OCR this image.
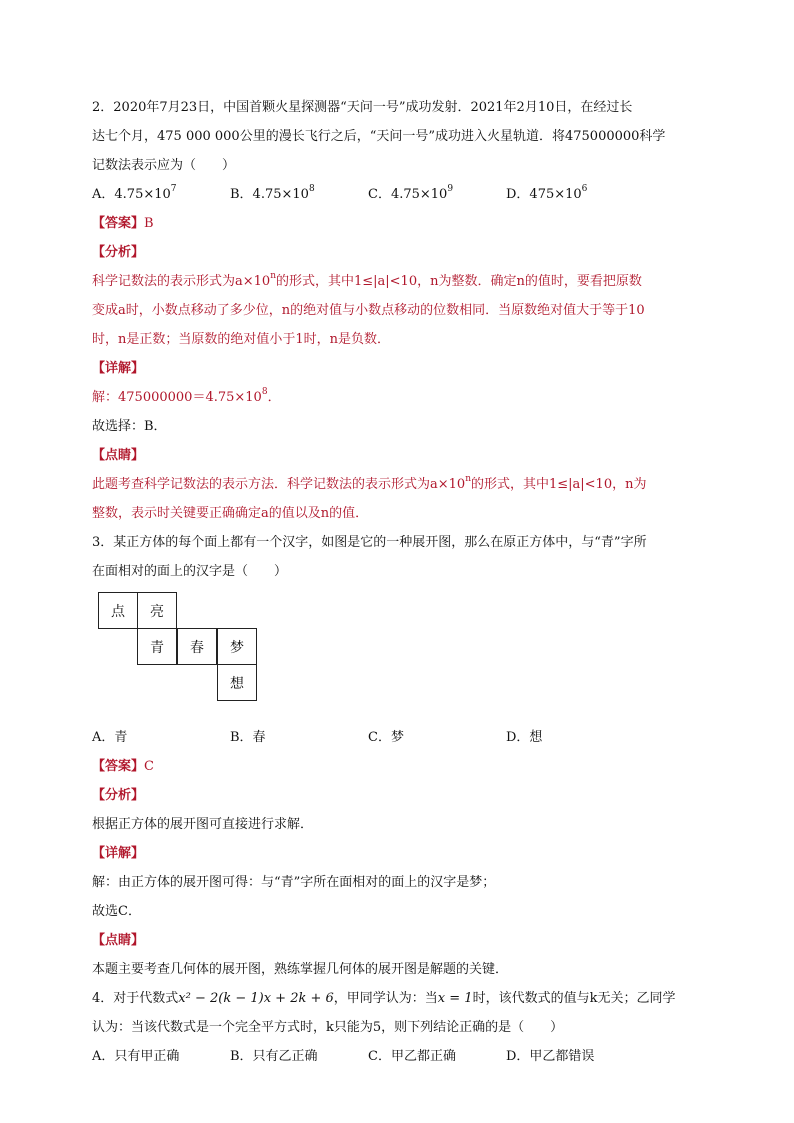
2．2020年7月23日，中国首颗火星探测器“天问一号”成功发射．2021年2月10日，在经过长

达七个月，475 000 000公里的漫长飞行之后，“天问一号”成功进入火星轨道．将475000000科学

记数法表示应为（　　）

A．$4.75\times 10^7$	B．$4.75\times 10^8$	C．$4.75\times 10^9$	D．$475\times 10^6$

【答案】B

【分析】

科学记数法的表示形式为$a\times 10^n$的形式，其中1≤|a|<10，n为整数．确定n的值时，要看把原数

变成a时，小数点移动了多少位，n的绝对值与小数点移动的位数相同．当原数绝对值大于等于10

时，n是正数；当原数的绝对值小于1时，n是负数．

【详解】

解：$475000000=4.75\times 10^8$．

故选择：B．

【点睛】

此题考查科学记数法的表示方法．科学记数法的表示形式为$a\times 10^n$的形式，其中1≤|a|<10，n为

整数，表示时关键要正确确定a的值以及n的值．

3．某正方体的每个面上都有一个汉字，如图是它的一种展开图，那么在原正方体中，与“青”字所

在面相对的面上的汉字是（　　）

点	亮
青	春	梦
想
A．青	B．春	C．梦	D．想

【答案】C

【分析】

根据正方体的展开图可直接进行求解．

【详解】

解：由正方体的展开图可得：与“青”字所在面相对的面上的汉字是梦；

故选C．

【点睛】

本题主要考查几何体的展开图，熟练掌握几何体的展开图是解题的关键．

4．对于代数式x² − 2(k − 1)x + 2k + 6，甲同学认为：当x = 1时，该代数式的值与k无关；乙同学

认为：当该代数式是一个完全平方式时，k只能为5，则下列结论正确的是（　　）

A．只有甲正确	B．只有乙正确	C．甲乙都正确	D．甲乙都错误
